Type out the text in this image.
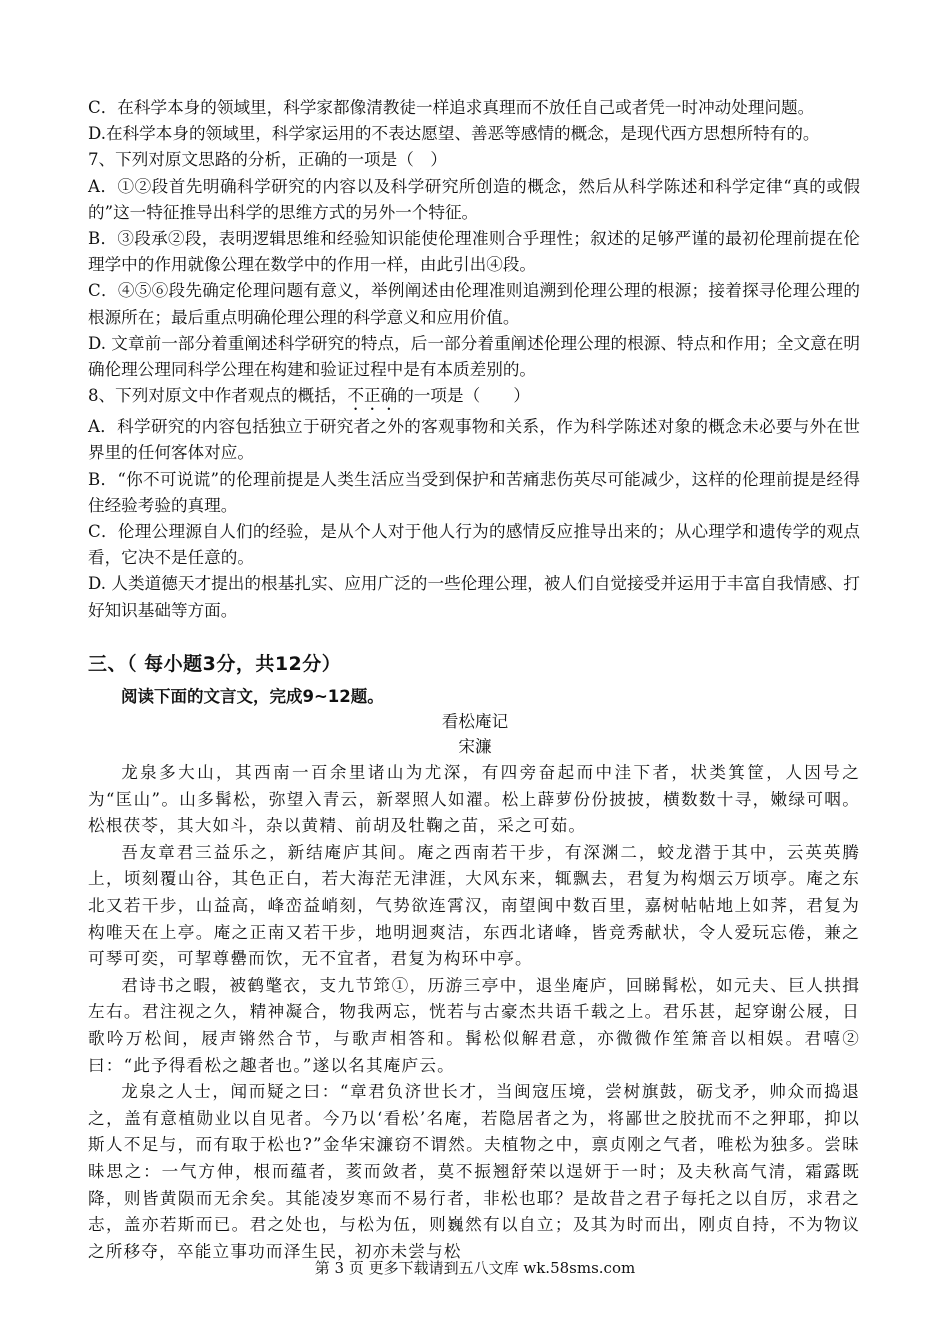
C．在科学本身的领域里，科学家都像清教徒一样追求真理而不放任自己或者凭一时冲动处理问题。

D.在科学本身的领域里，科学家运用的不表达愿望、善恶等感情的概念，是现代西方思想所特有的。

7、下列对原文思路的分析，正确的一项是（　）

A．①②段首先明确科学研究的内容以及科学研究所创造的概念，然后从科学陈述和科学定律“真的或假的”这一特征推导出科学的思维方式的另外一个特征。

B．③段承②段，表明逻辑思维和经验知识能使伦理准则合乎理性；叙述的足够严谨的最初伦理前提在伦理学中的作用就像公理在数学中的作用一样，由此引出④段。

C．④⑤⑥段先确定伦理问题有意义，举例阐述由伦理准则追溯到伦理公理的根源；接着探寻伦理公理的根源所在；最后重点明确伦理公理的科学意义和应用价值。

D. 文章前一部分着重阐述科学研究的特点，后一部分着重阐述伦理公理的根源、特点和作用；全文意在明确伦理公理同科学公理在构建和验证过程中是有本质差别的。

8、下列对原文中作者观点的概括，不正确的一项是（　　）

A．科学研究的内容包括独立于研究者之外的客观事物和关系，作为科学陈述对象的概念未必要与外在世界里的任何客体对应。

B．“你不可说谎”的伦理前提是人类生活应当受到保护和苦痛悲伤英尽可能减少，这样的伦理前提是经得住经验考验的真理。

C．伦理公理源自人们的经验，是从个人对于他人行为的感情反应推导出来的；从心理学和遗传学的观点看，它决不是任意的。

D. 人类道德天才提出的根基扎实、应用广泛的一些伦理公理，被人们自觉接受并运用于丰富自我情感、打好知识基础等方面。

三、（ 每小题3分，共12分）
阅读下面的文言文，完成9~12题。
看松庵记
宋濂

龙泉多大山，其西南一百余里诸山为尤深，有四旁奋起而中洼下者，状类箕筐，人因号之为“匡山”。山多髯松，弥望入青云，新翠照人如濯。松上薜萝份份披披，横数数十寻，嫩绿可咽。松根茯苓，其大如斗，杂以黄精、前胡及牡鞠之苗，采之可茹。

吾友章君三益乐之，新结庵庐其间。庵之西南若干步，有深渊二，蛟龙潜于其中，云英英腾上，顷刻覆山谷，其色正白，若大海茫无津涯，大风东来，辄飘去，君复为构烟云万顷亭。庵之东北又若干步，山益高，峰峦益峭刻，气势欲连霄汉，南望闽中数百里，嘉树帖帖地上如荠，君复为构唯天在上亭。庵之正南又若干步，地明迥爽洁，东西北诸峰，皆竞秀献状，令人爱玩忘倦，兼之可琴可奕，可挈尊罍而饮，无不宜者，君复为构环中亭。

君诗书之暇，被鹤氅衣，支九节筇①，历游三亭中，退坐庵庐，回睇髯松，如元夫、巨人拱揖左右。君注视之久，精神凝合，物我两忘，恍若与古豪杰共语千载之上。君乐甚，起穿谢公屐，日歌吟万松间，屐声锵然合节，与歌声相答和。髯松似解君意，亦微微作笙箫音以相娱。君嘻②曰：“此予得看松之趣者也。”遂以名其庵庐云。

龙泉之人士，闻而疑之曰：“章君负济世长才，当闽寇压境，尝树旗鼓，砺戈矛，帅众而捣退之，盖有意植勋业以自见者。今乃以‘看松’名庵，若隐居者之为，将鄙世之胶扰而不之狎耶，抑以斯人不足与，而有取于松也?”金华宋濂窃不谓然。夫植物之中，禀贞刚之气者，唯松为独多。尝昧昧思之：一气方伸，根而蕴者，荄而敛者，莫不振翘舒荣以逞妍于一时；及夫秋高气清，霜露既降，则皆黄陨而无余矣。其能凌岁寒而不易行者，非松也耶？是故昔之君子每托之以自厉，求君之志，盖亦若斯而已。君之处也，与松为伍，则巍然有以自立；及其为时而出，刚贞自持，不为物议之所移夺，卒能立事功而泽生民，初亦未尝与松

第 3 页 更多下载请到五八文库 wk.58sms.com
